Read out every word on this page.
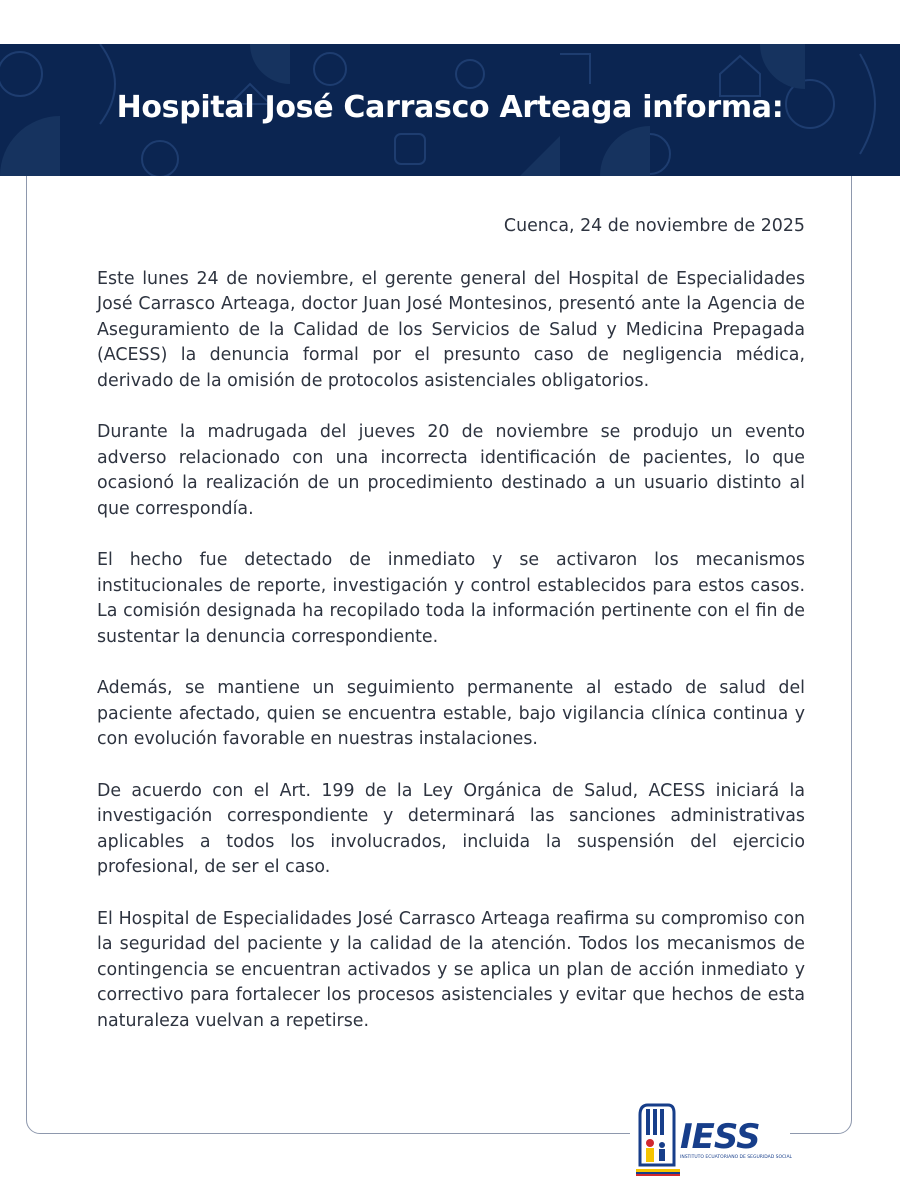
Hospital José Carrasco Arteaga informa:

Cuenca, 24 de noviembre de 2025

Este lunes 24 de noviembre, el gerente general del Hospital de Especialidades José Carrasco Arteaga, doctor Juan José Montesinos, presentó ante la Agencia de Aseguramiento de la Calidad de los Servicios de Salud y Medicina Prepagada (ACESS) la denuncia formal por el presunto caso de negligencia médica, derivado de la omisión de protocolos asistenciales obligatorios.

Durante la madrugada del jueves 20 de noviembre se produjo un evento adverso relacionado con una incorrecta identificación de pacientes, lo que ocasionó la realización de un procedimiento destinado a un usuario distinto al que correspondía.

El hecho fue detectado de inmediato y se activaron los mecanismos institucionales de reporte, investigación y control establecidos para estos casos. La comisión designada ha recopilado toda la información pertinente con el fin de sustentar la denuncia correspondiente.

Además, se mantiene un seguimiento permanente al estado de salud del paciente afectado, quien se encuentra estable, bajo vigilancia clínica continua y con evolución favorable en nuestras instalaciones.

De acuerdo con el Art. 199 de la Ley Orgánica de Salud, ACESS iniciará la investigación correspondiente y determinará las sanciones administrativas aplicables a todos los involucrados, incluida la suspensión del ejercicio profesional, de ser el caso.

El Hospital de Especialidades José Carrasco Arteaga reafirma su compromiso con la seguridad del paciente y la calidad de la atención. Todos los mecanismos de contingencia se encuentran activados y se aplica un plan de acción inmediato y correctivo para fortalecer los procesos asistenciales y evitar que hechos de esta naturaleza vuelvan a repetirse.

IESS
INSTITUTO ECUATORIANO DE SEGURIDAD SOCIAL
